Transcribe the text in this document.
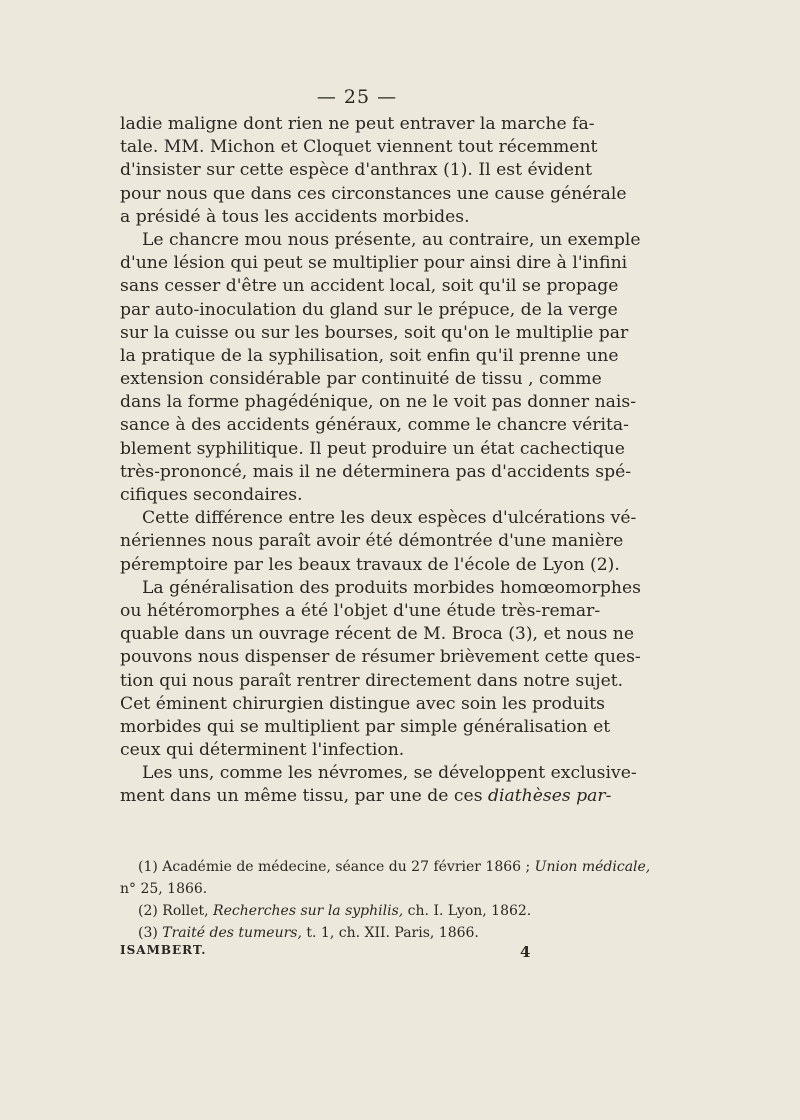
— 25 —
ladie maligne dont rien ne peut entraver la marche fa-
tale. MM. Michon et Cloquet viennent tout récemment
d'insister sur cette espèce d'anthrax (1). Il est évident
pour nous que dans ces circonstances une cause générale
a présidé à tous les accidents morbides.
Le chancre mou nous présente, au contraire, un exemple
d'une lésion qui peut se multiplier pour ainsi dire à l'infini
sans cesser d'être un accident local, soit qu'il se propage
par auto-inoculation du gland sur le prépuce, de la verge
sur la cuisse ou sur les bourses, soit qu'on le multiplie par
la pratique de la syphilisation, soit enfin qu'il prenne une
extension considérable par continuité de tissu , comme
dans la forme phagédénique, on ne le voit pas donner nais-
sance à des accidents généraux, comme le chancre vérita-
blement syphilitique. Il peut produire un état cachectique
très-prononcé, mais il ne déterminera pas d'accidents spé-
cifiques secondaires.
Cette différence entre les deux espèces d'ulcérations vé-
nériennes nous paraît avoir été démontrée d'une manière
péremptoire par les beaux travaux de l'école de Lyon (2).
La généralisation des produits morbides homœomorphes
ou hétéromorphes a été l'objet d'une étude très-remar-
quable dans un ouvrage récent de M. Broca (3), et nous ne
pouvons nous dispenser de résumer brièvement cette ques-
tion qui nous paraît rentrer directement dans notre sujet.
Cet éminent chirurgien distingue avec soin les produits
morbides qui se multiplient par simple généralisation et
ceux qui déterminent l'infection.
Les uns, comme les névromes, se développent exclusive-
ment dans un même tissu, par une de ces diathèses par-
(1) Académie de médecine, séance du 27 février 1866 ; Union médicale,
n° 25, 1866.
(2) Rollet, Recherches sur la syphilis, ch. I. Lyon, 1862.
(3) Traité des tumeurs, t. 1, ch. XII. Paris, 1866.
ISAMBERT.	4
